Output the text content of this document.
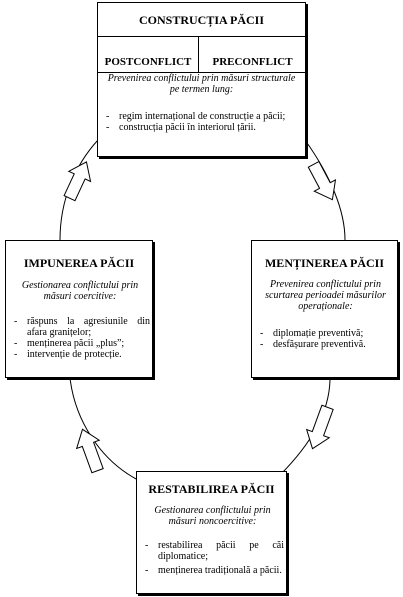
CONSTRUCȚIA PĂCII
POSTCONFLICT	PRECONFLICT
Prevenirea conflictului prin măsuri structurale pe termen lung:
- regim internațional de construcție a păcii;
- construcția păcii în interiorul țării.
IMPUNEREA PĂCII
Gestionarea conflictului prin măsuri coercitive:
- răspuns la agresiunile din afara granițelor;
- menținerea păcii „plus”;
- intervenție de protecție.
MENȚINEREA PĂCII
Prevenirea conflictului prin scurtarea perioadei măsurilor operaționale:
- diplomație preventivă;
- desfășurare preventivă.
RESTABILIREA PĂCII
Gestionarea conflictului prin măsuri noncoercitive:
- restabilirea păcii pe căi diplomatice;
- menținerea tradițională a păcii.
